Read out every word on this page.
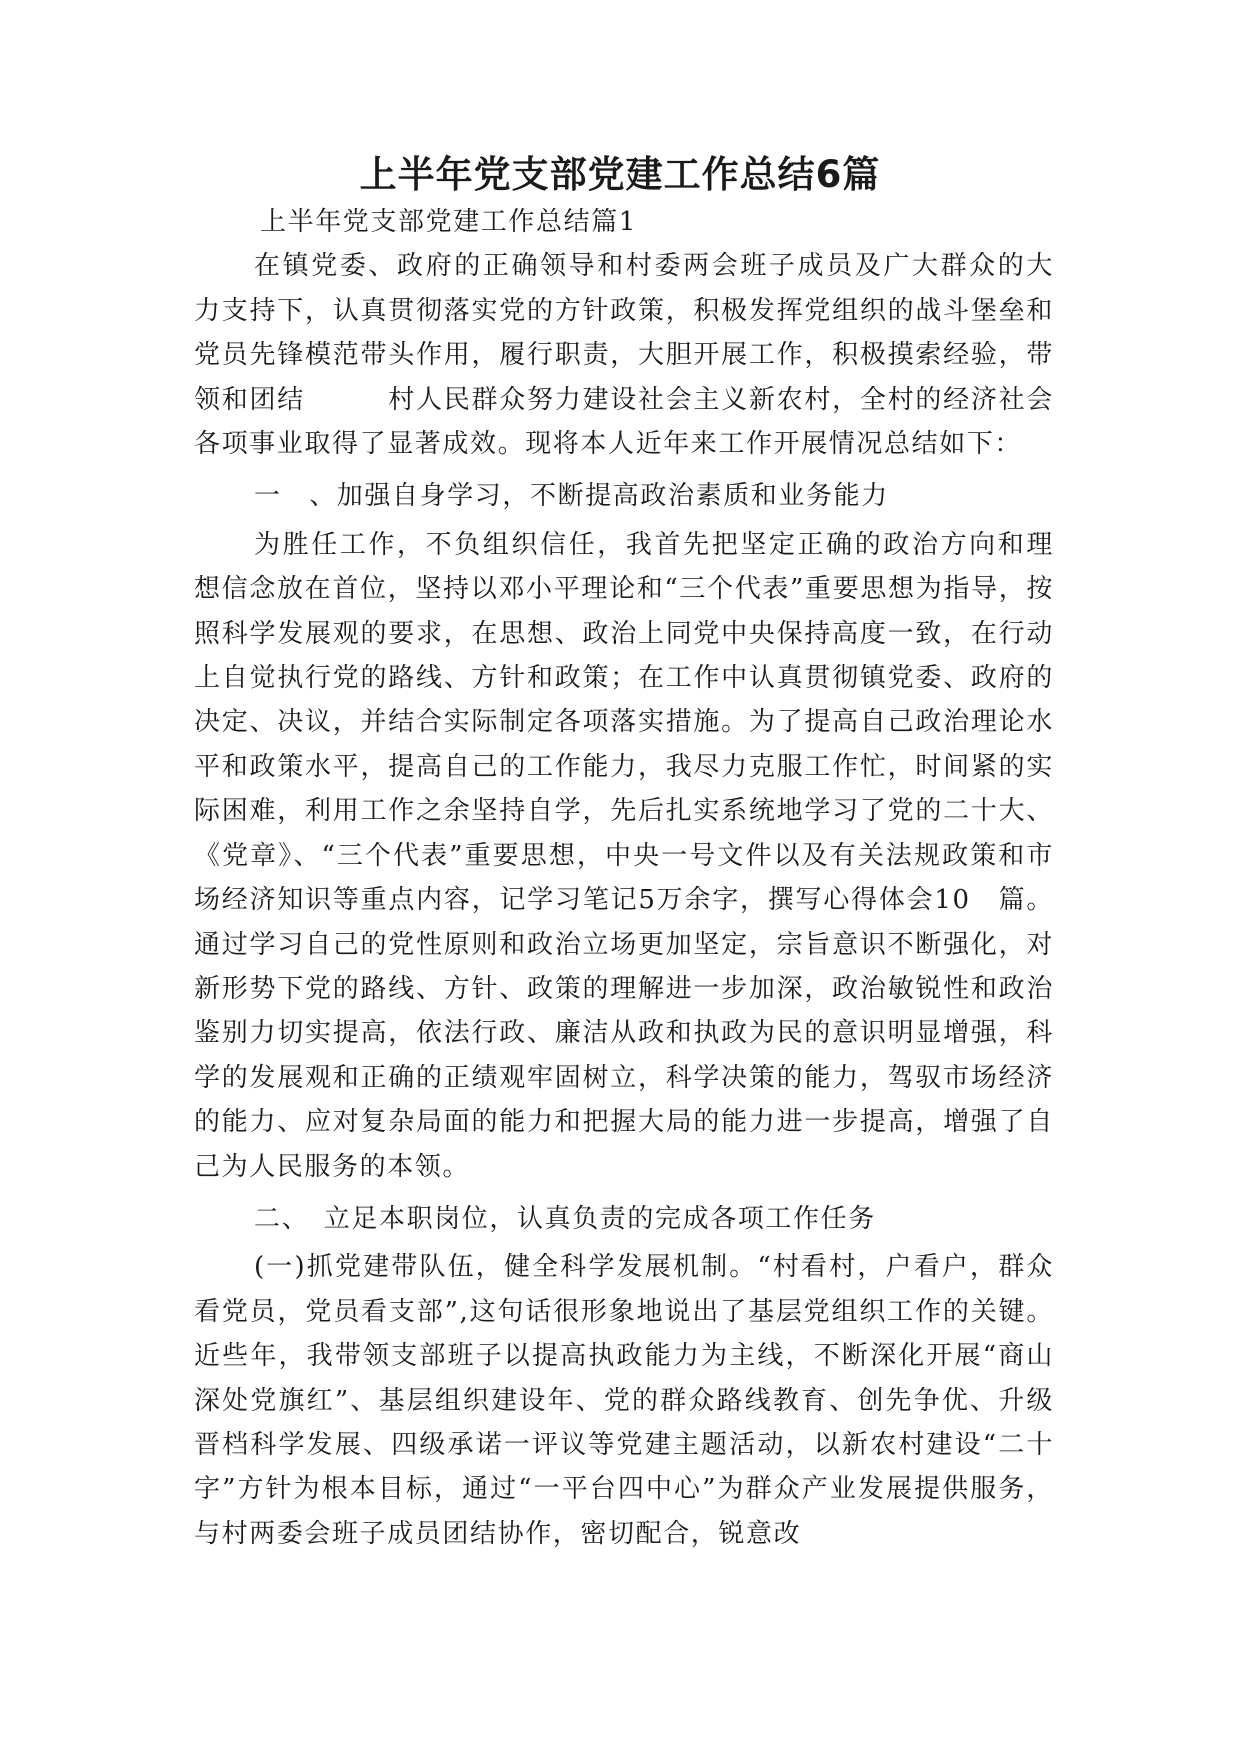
上半年党支部党建工作总结6篇

上半年党支部党建工作总结篇1

在镇党委、政府的正确领导和村委两会班子成员及广大群众的大力支持下，认真贯彻落实党的方针政策，积极发挥党组织的战斗堡垒和党员先锋模范带头作用，履行职责，大胆开展工作，积极摸索经验，带领和团结　　　村人民群众努力建设社会主义新农村，全村的经济社会　各项事业取得了显著成效。现将本人近年来工作开展情况总结如下：

一　、加强自身学习，不断提高政治素质和业务能力

为胜任工作，不负组织信任，我首先把坚定正确的政治方向和理想信念放在首位，坚持以邓小平理论和“三个代表”重要思想为指导，按照科学发展观的要求，在思想、政治上同党中央保持高度一致，在行动上自觉执行党的路线、方针和政策；在工作中认真贯彻镇党委、政府的决定、决议，并结合实际制定各项落实措施。为了提高自己政治理论水平和政策水平，提高自己的工作能力，我尽力克服工作忙，时间紧的实际困难，利用工作之余坚持自学，先后扎实系统地学习了党的二十大、《党章》、“三个代表”重要思想，中央一号文件以及有关法规政策和市场经济知识等重点内容，记学习笔记5万余字，撰写心得体会10　篇。通过学习自己的党性原则和政治立场更加坚定，宗旨意识不断强化，对新形势下党的路线、方针、政策的理解进一步加深，政治敏锐性和政治鉴别力切实提高，依法行政、廉洁从政和执政为民的意识明显增强，科学的发展观和正确的正绩观牢固树立，科学决策的能力，驾驭市场经济的能力、应对复杂局面的能力和把握大局的能力进一步提高，增强了自己为人民服务的本领。

二、　立足本职岗位，认真负责的完成各项工作任务

(一)抓党建带队伍，健全科学发展机制。“村看村，户看户，群众看党员，党员看支部”,这句话很形象地说出了基层党组织工作的关键。近些年，我带领支部班子以提高执政能力为主线，不断深化开展“商山深处党旗红”、基层组织建设年、党的群众路线教育、创先争优、升级晋档科学发展、四级承诺一评议等党建主题活动，以新农村建设“二十字”方针为根本目标，通过“一平台四中心”为群众产业发展提供服务，与村两委会班子成员团结协作，密切配合，锐意改
